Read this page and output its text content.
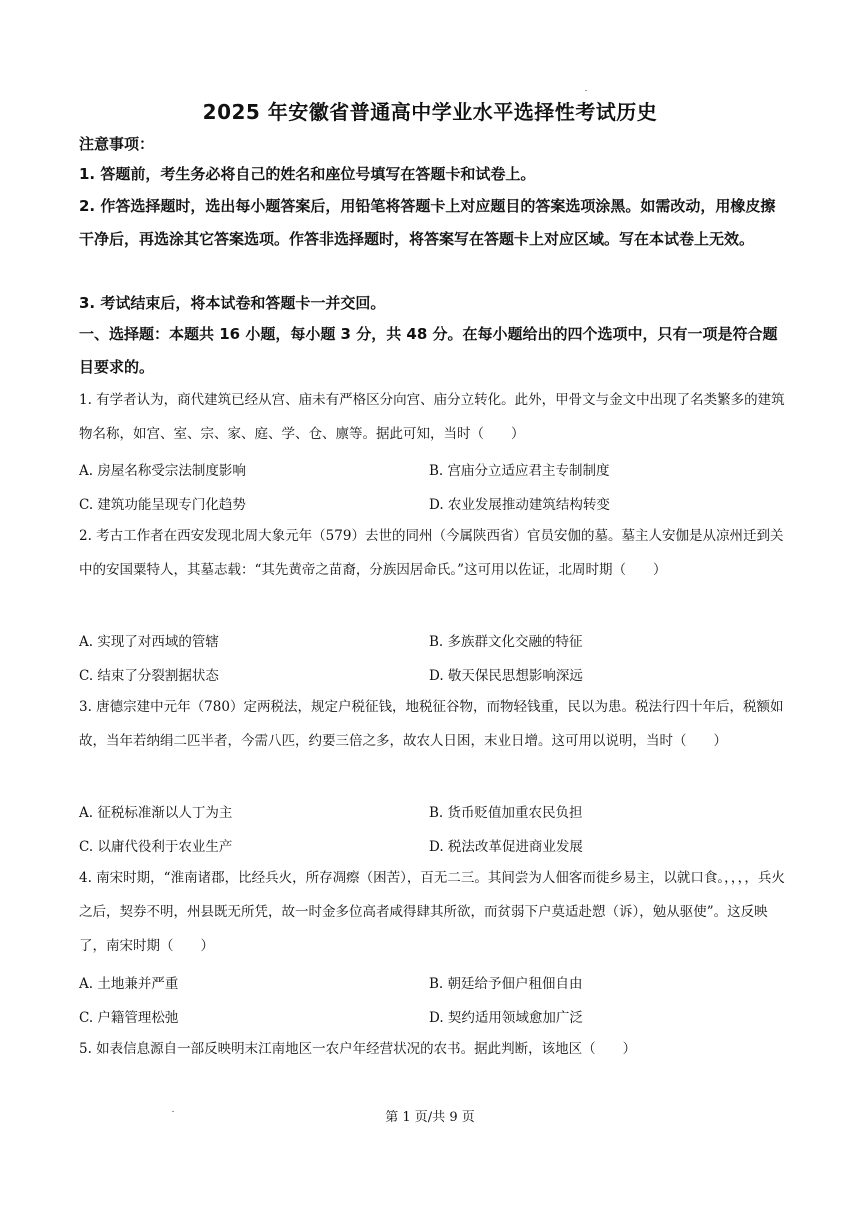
2025 年安徽省普通高中学业水平选择性考试历史
注意事项：
1. 答题前，考生务必将自己的姓名和座位号填写在答题卡和试卷上。
2. 作答选择题时，选出每小题答案后，用铅笔将答题卡上对应题目的答案选项涂黑。如需改动，用橡皮擦干净后，再选涂其它答案选项。作答非选择题时，将答案写在答题卡上对应区域。写在本试卷上无效。
3. 考试结束后，将本试卷和答题卡一并交回。
一、选择题：本题共 16 小题，每小题 3 分，共 48 分。在每小题给出的四个选项中，只有一项是符合题目要求的。
1. 有学者认为，商代建筑已经从宫、庙未有严格区分向宫、庙分立转化。此外，甲骨文与金文中出现了名类繁多的建筑物名称，如宫、室、宗、家、庭、学、仓、廪等。据此可知，当时（　　）
A. 房屋名称受宗法制度影响	B. 宫庙分立适应君主专制制度
C. 建筑功能呈现专门化趋势	D. 农业发展推动建筑结构转变
2. 考古工作者在西安发现北周大象元年（579）去世的同州（今属陕西省）官员安伽的墓。墓主人安伽是从凉州迁到关中的安国粟特人，其墓志载：“其先黄帝之苗裔，分族因居命氏。”这可用以佐证，北周时期（　　）
A. 实现了对西域的管辖	B. 多族群文化交融的特征
C. 结束了分裂割据状态	D. 敬天保民思想影响深远
3. 唐德宗建中元年（780）定两税法，规定户税征钱，地税征谷物，而物轻钱重，民以为患。税法行四十年后，税额如故，当年若纳绢二匹半者，今需八匹，约要三倍之多，故农人日困，末业日增。这可用以说明，当时（　　）
A. 征税标准渐以人丁为主	B. 货币贬值加重农民负担
C. 以庸代役利于农业生产	D. 税法改革促进商业发展
4. 南宋时期，“淮南诸郡，比经兵火，所存凋瘵（困苦），百无二三。其间尝为人佃客而徙乡易主，以就口食。，，，，兵火之后，契券不明，州县既无所凭，故一时金多位高者咸得肆其所欲，而贫弱下户莫适赴愬（诉），勉从驱使”。这反映了，南宋时期（　　）
A. 土地兼并严重	B. 朝廷给予佃户租佃自由
C. 户籍管理松弛	D. 契约适用领域愈加广泛
5. 如表信息源自一部反映明末江南地区一农户年经营状况的农书。据此判断，该地区（　　）
第 1 页/共 9 页
